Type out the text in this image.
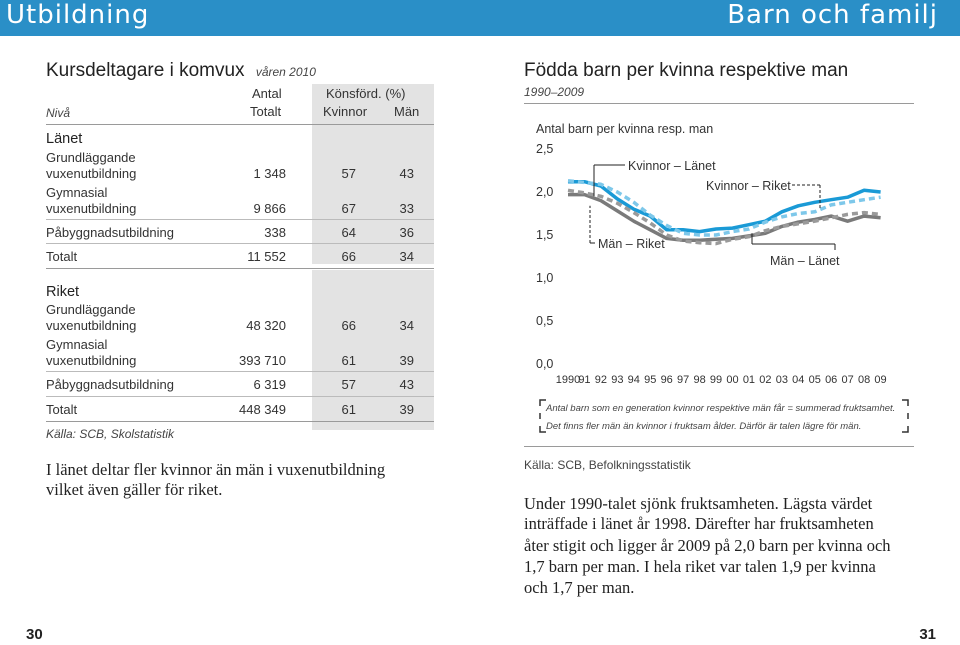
Utbildning	Barn och familj
Kursdeltagare i komvux våren 2010
Antal	Könsförd. (%)
Nivå	Totalt	Kvinnor Män
Länet
Grundläggande
vuxenutbildning	1 348	57	43
Gymnasial
vuxenutbildning	9 866	67	33
Påbyggnadsutbildning	338	64	36
Totalt	11 552	66	34
Riket
Grundläggande
vuxenutbildning	48 320	66	34
Gymnasial
vuxenutbildning	393 710	61	39
Påbyggnadsutbildning	6 319	57	43
Totalt	448 349	61	39
Källa: SCB, Skolstatistik
I länet deltar fler kvinnor än män i vuxenutbildning
vilket även gäller för riket.
Födda barn per kvinna respektive man
1990–2009
Antal barn per kvinna resp. man
0,0
0,5
1,0
1,5
2,0
2,5
1990
91 92 93 94 95 96 97 98 99 00 01 02 03 04 05 06 07 08 09
Kvinnor – Länet
Kvinnor – Riket
Män – Riket
Män – Länet
Antal barn som en generation kvinnor respektive män får = summerad fruktsamhet.
Det finns fler män än kvinnor i fruktsam ålder. Därför är talen lägre för män.
Källa: SCB, Befolkningsstatistik
Under 1990-talet sjönk fruktsamheten. Lägsta värdet
inträffade i länet år 1998. Därefter har fruktsamheten
åter stigit och ligger år 2009 på 2,0 barn per kvinna och
1,7 barn per man. I hela riket var talen 1,9 per kvinna
och 1,7 per man.
30	31
